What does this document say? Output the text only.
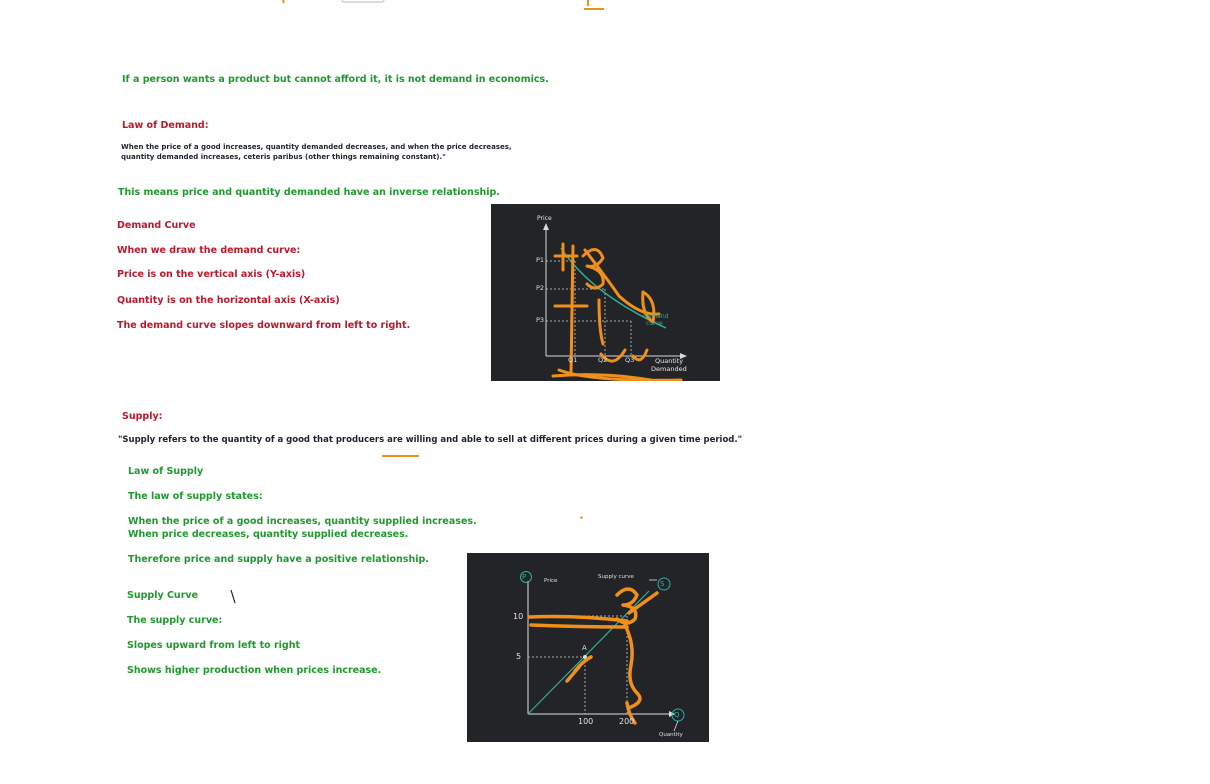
If a person wants a product but cannot afford it, it is not demand in economics.
Law of Demand:
When the price of a good increases, quantity demanded decreases, and when the price decreases,
quantity demanded increases, ceteris paribus (other things remaining constant)."
This means price and quantity demanded have an inverse relationship.
Demand Curve
When we draw the demand curve:
Price is on the vertical axis (Y-axis)
Quantity is on the horizontal axis (X-axis)
The demand curve slopes downward from left to right.
Price
P1
P2
P3
Q1	Q2	Q3	Quantity
Demanded
Demand
curve
Supply:
"Supply refers to the quantity of a good that producers are willing and able to sell at different prices during a given time period."
Law of Supply
The law of supply states:
When the price of a good increases, quantity supplied increases.
When price decreases, quantity supplied decreases.
Therefore price and supply have a positive relationship.
Supply Curve
The supply curve:
Slopes upward from left to right
Shows higher production when prices increase.
P	Price
Supply curve
S
10
5
100	200
A
Q
Quantity
